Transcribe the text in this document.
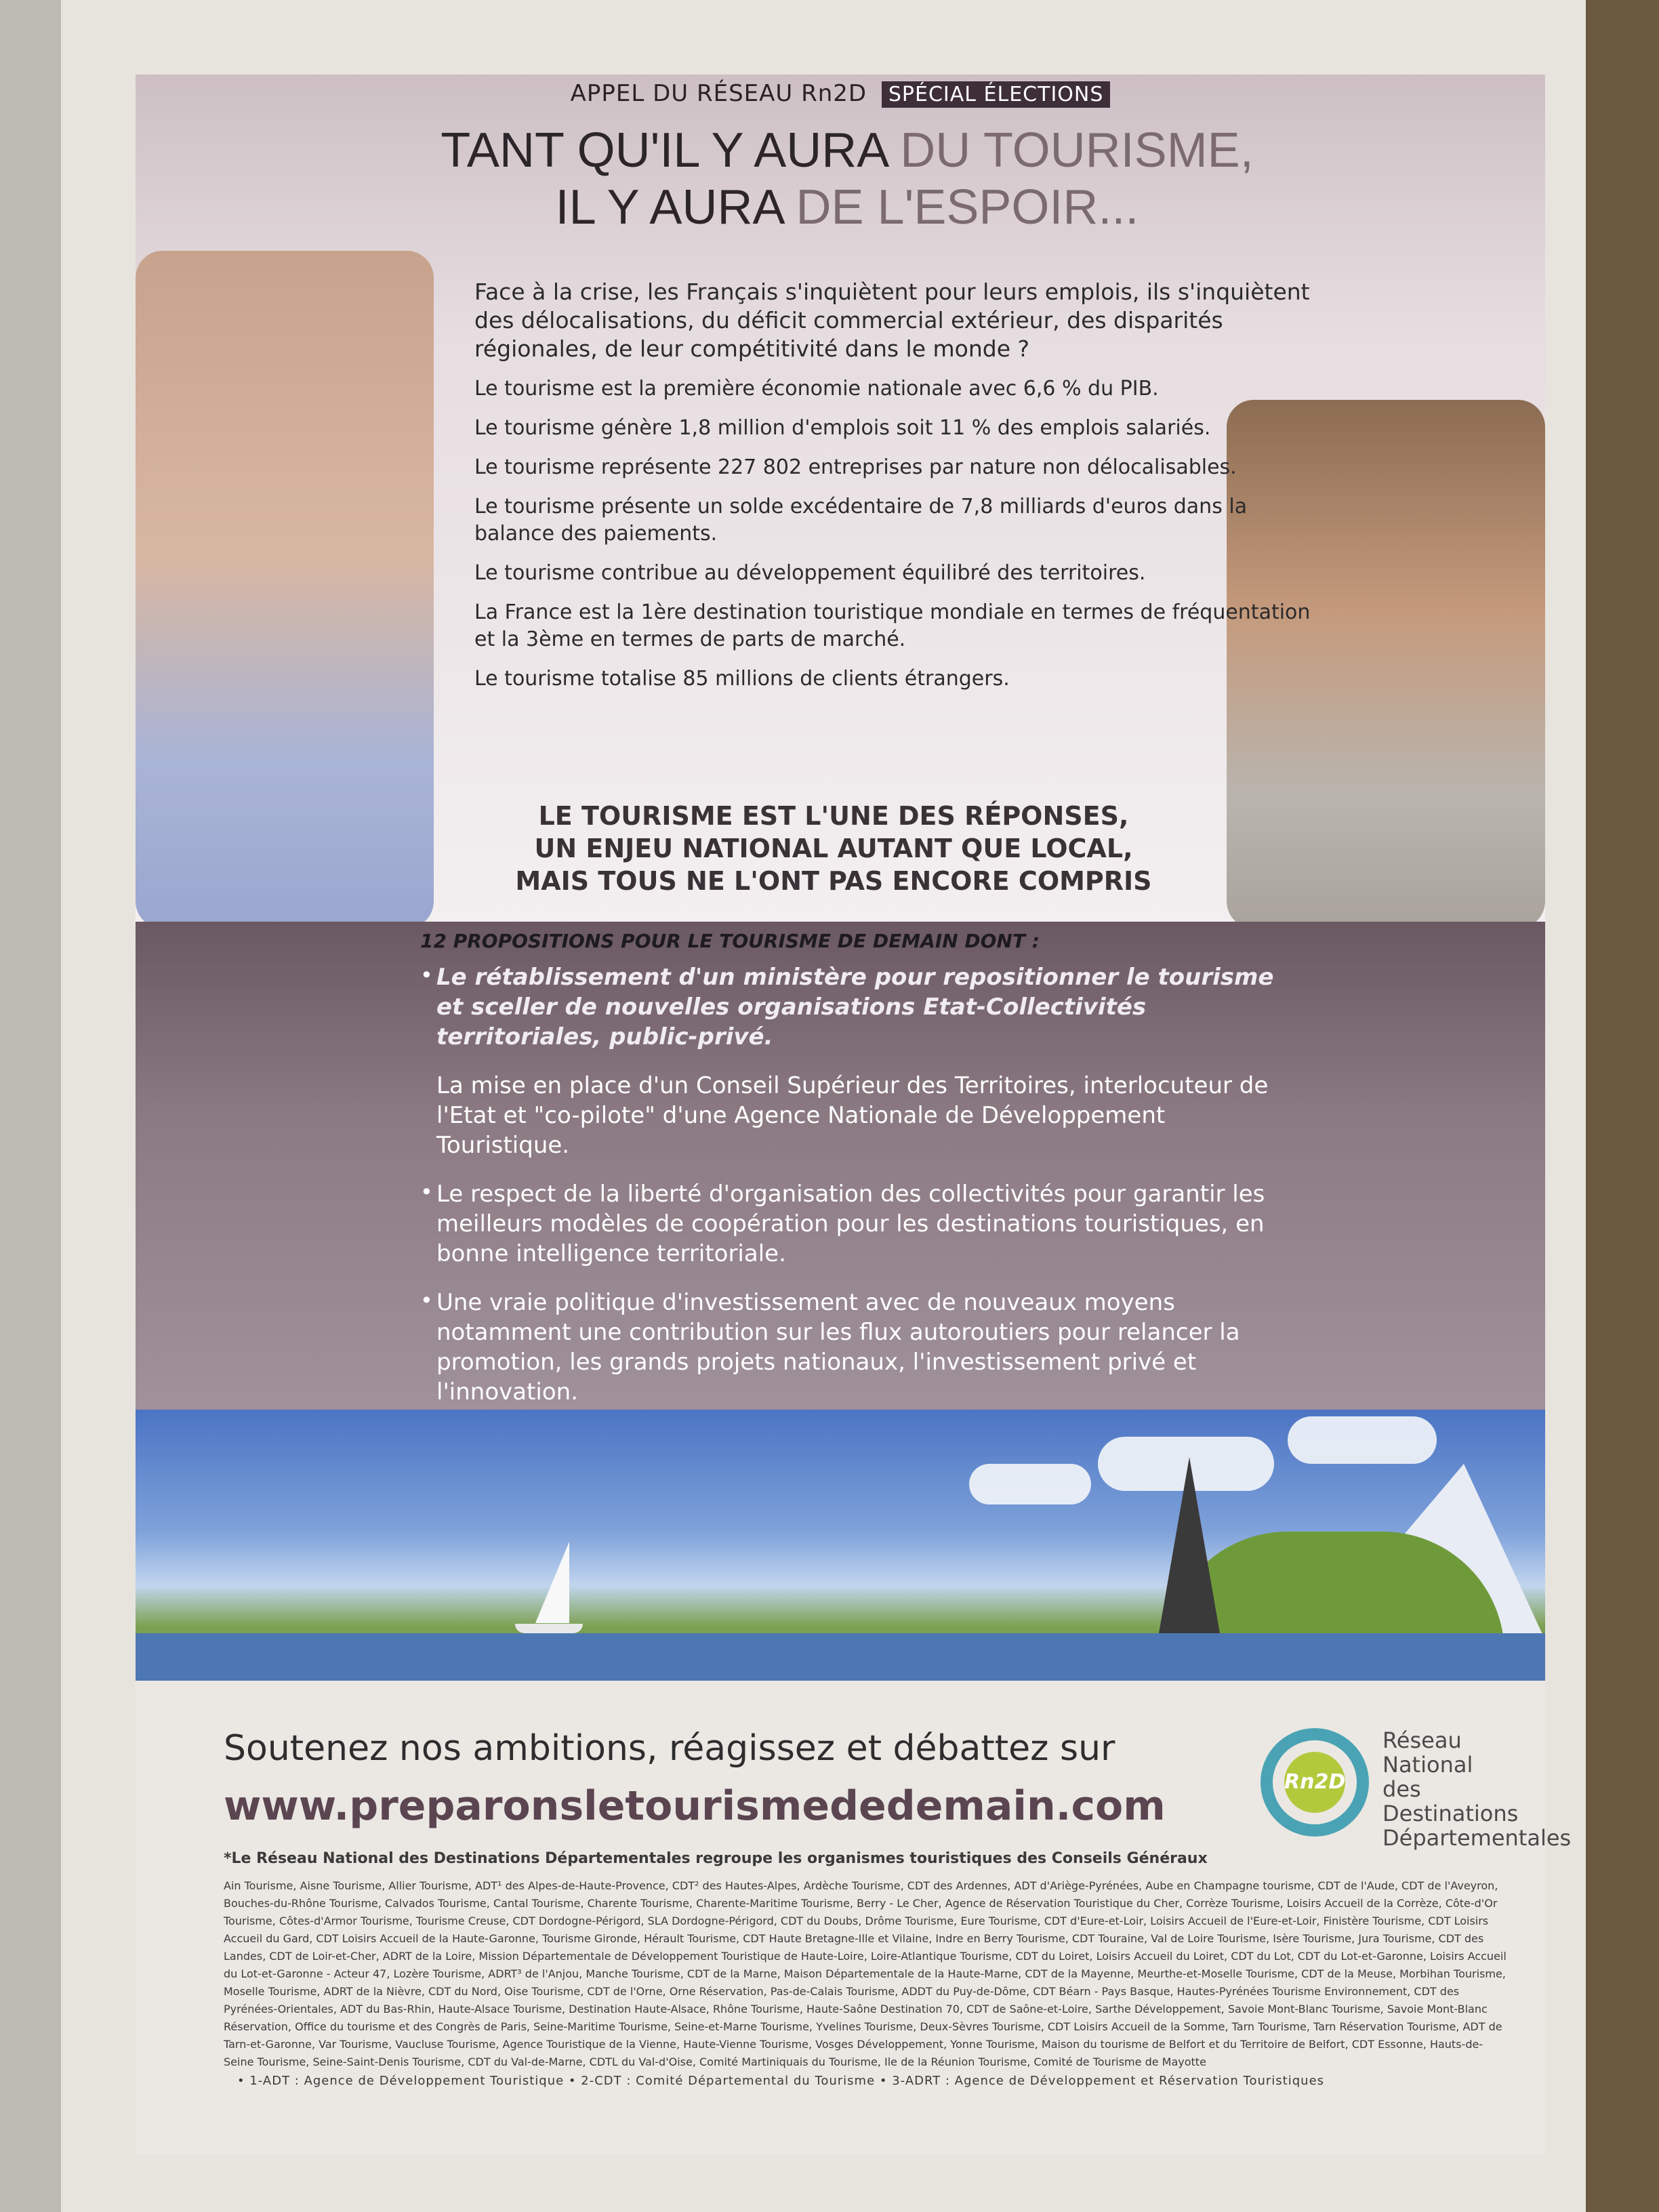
APPEL DU RÉSEAU Rn2D SPÉCIAL ÉLECTIONS
TANT QU'IL Y AURA DU TOURISME,
IL Y AURA DE L'ESPOIR...

Face à la crise, les Français s'inquiètent pour leurs emplois, ils s'inquiètent des délocalisations, du déficit commercial extérieur, des disparités régionales, de leur compétitivité dans le monde ?

Le tourisme est la première économie nationale avec 6,6 % du PIB.

Le tourisme génère 1,8 million d'emplois soit 11 % des emplois salariés.

Le tourisme représente 227 802 entreprises par nature non délocalisables.

Le tourisme présente un solde excédentaire de 7,8 milliards d'euros dans la balance des paiements.

Le tourisme contribue au développement équilibré des territoires.

La France est la 1ère destination touristique mondiale en termes de fréquentation et la 3ème en termes de parts de marché.

Le tourisme totalise 85 millions de clients étrangers.

LE TOURISME EST L'UNE DES RÉPONSES,
UN ENJEU NATIONAL AUTANT QUE LOCAL,
MAIS TOUS NE L'ONT PAS ENCORE COMPRIS
12 PROPOSITIONS POUR LE TOURISME DE DEMAIN DONT :
• Le rétablissement d'un ministère pour repositionner le tourisme et sceller de nouvelles organisations Etat-Collectivités territoriales, public-privé.
La mise en place d'un Conseil Supérieur des Territoires, interlocuteur de l'Etat et "co-pilote" d'une Agence Nationale de Développement Touristique.
• Le respect de la liberté d'organisation des collectivités pour garantir les meilleurs modèles de coopération pour les destinations touristiques, en bonne intelligence territoriale.
• Une vraie politique d'investissement avec de nouveaux moyens notamment une contribution sur les flux autoroutiers pour relancer la promotion, les grands projets nationaux, l'investissement privé et l'innovation.
Soutenez nos ambitions, réagissez et débattez sur
www.preparonsletourismededemain.com
Rn2D
Réseau National
des Destinations
Départementales
*Le Réseau National des Destinations Départementales regroupe les organismes touristiques des Conseils Généraux
Ain Tourisme, Aisne Tourisme, Allier Tourisme, ADT¹ des Alpes-de-Haute-Provence, CDT² des Hautes-Alpes, Ardèche Tourisme, CDT des Ardennes, ADT d'Ariège-Pyrénées, Aube en Champagne tourisme, CDT de l'Aude, CDT de l'Aveyron, Bouches-du-Rhône Tourisme, Calvados Tourisme, Cantal Tourisme, Charente Tourisme, Charente-Maritime Tourisme, Berry - Le Cher, Agence de Réservation Touristique du Cher, Corrèze Tourisme, Loisirs Accueil de la Corrèze, Côte-d'Or Tourisme, Côtes-d'Armor Tourisme, Tourisme Creuse, CDT Dordogne-Périgord, SLA Dordogne-Périgord, CDT du Doubs, Drôme Tourisme, Eure Tourisme, CDT d'Eure-et-Loir, Loisirs Accueil de l'Eure-et-Loir, Finistère Tourisme, CDT Loisirs Accueil du Gard, CDT Loisirs Accueil de la Haute-Garonne, Tourisme Gironde, Hérault Tourisme, CDT Haute Bretagne-Ille et Vilaine, Indre en Berry Tourisme, CDT Touraine, Val de Loire Tourisme, Isère Tourisme, Jura Tourisme, CDT des Landes, CDT de Loir-et-Cher, ADRT de la Loire, Mission Départementale de Développement Touristique de Haute-Loire, Loire-Atlantique Tourisme, CDT du Loiret, Loisirs Accueil du Loiret, CDT du Lot, CDT du Lot-et-Garonne, Loisirs Accueil du Lot-et-Garonne - Acteur 47, Lozère Tourisme, ADRT³ de l'Anjou, Manche Tourisme, CDT de la Marne, Maison Départementale de la Haute-Marne, CDT de la Mayenne, Meurthe-et-Moselle Tourisme, CDT de la Meuse, Morbihan Tourisme, Moselle Tourisme, ADRT de la Nièvre, CDT du Nord, Oise Tourisme, CDT de l'Orne, Orne Réservation, Pas-de-Calais Tourisme, ADDT du Puy-de-Dôme, CDT Béarn - Pays Basque, Hautes-Pyrénées Tourisme Environnement, CDT des Pyrénées-Orientales, ADT du Bas-Rhin, Haute-Alsace Tourisme, Destination Haute-Alsace, Rhône Tourisme, Haute-Saône Destination 70, CDT de Saône-et-Loire, Sarthe Développement, Savoie Mont-Blanc Tourisme, Savoie Mont-Blanc Réservation, Office du tourisme et des Congrès de Paris, Seine-Maritime Tourisme, Seine-et-Marne Tourisme, Yvelines Tourisme, Deux-Sèvres Tourisme, CDT Loisirs Accueil de la Somme, Tarn Tourisme, Tarn Réservation Tourisme, ADT de Tarn-et-Garonne, Var Tourisme, Vaucluse Tourisme, Agence Touristique de la Vienne, Haute-Vienne Tourisme, Vosges Développement, Yonne Tourisme, Maison du tourisme de Belfort et du Territoire de Belfort, CDT Essonne, Hauts-de-Seine Tourisme, Seine-Saint-Denis Tourisme, CDT du Val-de-Marne, CDTL du Val-d'Oise, Comité Martiniquais du Tourisme, Ile de la Réunion Tourisme, Comité de Tourisme de Mayotte
• 1-ADT : Agence de Développement Touristique • 2-CDT : Comité Départemental du Tourisme • 3-ADRT : Agence de Développement et Réservation Touristiques
